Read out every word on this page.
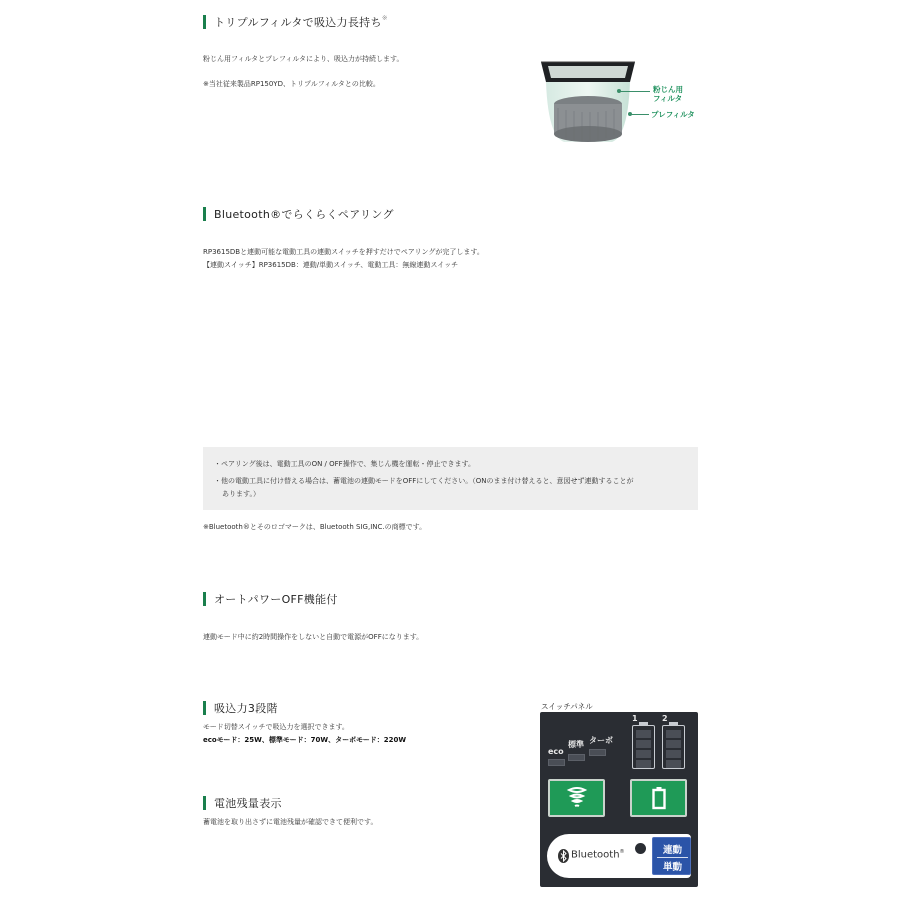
トリプルフィルタで吸込力長持ち ※
粉じん用フィルタとプレフィルタにより、吸込力が持続します。
※当社従来製品RP150YD、トリプルフィルタとの比較。
粉じん用
フィルタ
プレフィルタ
Bluetooth®でらくらくペアリング
RP3615DBと連動可能な電動工具の連動スイッチを押すだけでペアリングが完了します。
【連動スイッチ】RP3615DB：連動/単動スイッチ、電動工具：無線連動スイッチ
・ペアリング後は、電動工具のON / OFF操作で、集じん機を運転・停止できます。
・他の電動工具に付け替える場合は、蓄電池の連動モードをOFFにしてください。（ONのまま付け替えると、意図せず連動することが
あります。）
※Bluetooth®とそのロゴマークは、Bluetooth SIG,INC.の商標です。
オートパワーOFF機能付
連動モード中に約2時間操作をしないと自動で電源がOFFになります。
吸込力3段階
モード切替スイッチで吸込力を選択できます。
ecoモード：25W、標準モード：70W、ターボモード：220W
電池残量表示
蓄電池を取り出さずに電池残量が確認できて便利です。
スイッチパネル
eco
標準 ターボ
1	2
Bluetooth®	連動
単動
